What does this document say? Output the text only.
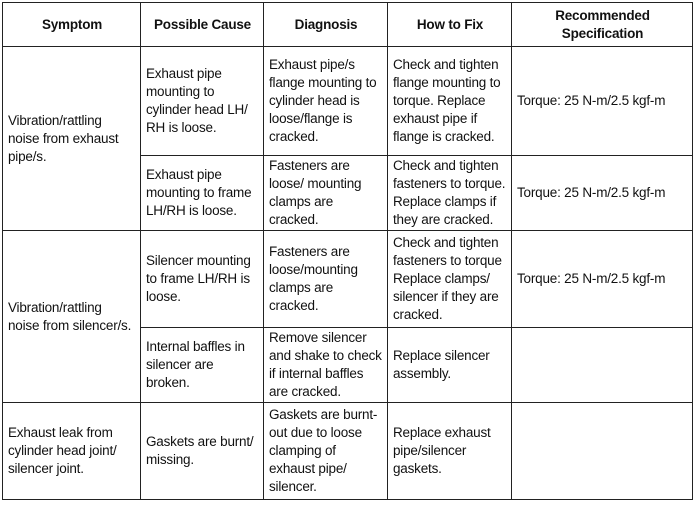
Symptom	Possible Cause	Diagnosis	How to Fix	Recommended Specification
Vibration/rattling noise from exhaust pipe/s.	Exhaust pipe mounting to cylinder head LH/ RH is loose.	Exhaust pipe/s flange mounting to cylinder head is loose/flange is cracked.	Check and tighten flange mounting to torque. Replace exhaust pipe if flange is cracked.	Torque: 25 N-m/2.5 kgf-m
	Exhaust pipe mounting to frame LH/RH is loose.	Fasteners are loose/ mounting clamps are cracked.	Check and tighten fasteners to torque. Replace clamps if they are cracked.	Torque: 25 N-m/2.5 kgf-m
Vibration/rattling noise from silencer/s.	Silencer mounting to frame LH/RH is loose.	Fasteners are loose/mounting clamps are cracked.	Check and tighten fasteners to torque Replace clamps/ silencer if they are cracked.	Torque: 25 N-m/2.5 kgf-m
	Internal baffles in silencer are broken.	Remove silencer and shake to check if internal baffles are cracked.	Replace silencer assembly.	
Exhaust leak from cylinder head joint/ silencer joint.	Gaskets are burnt/ missing.	Gaskets are burnt-out due to loose clamping of exhaust pipe/ silencer.	Replace exhaust pipe/silencer gaskets.	
